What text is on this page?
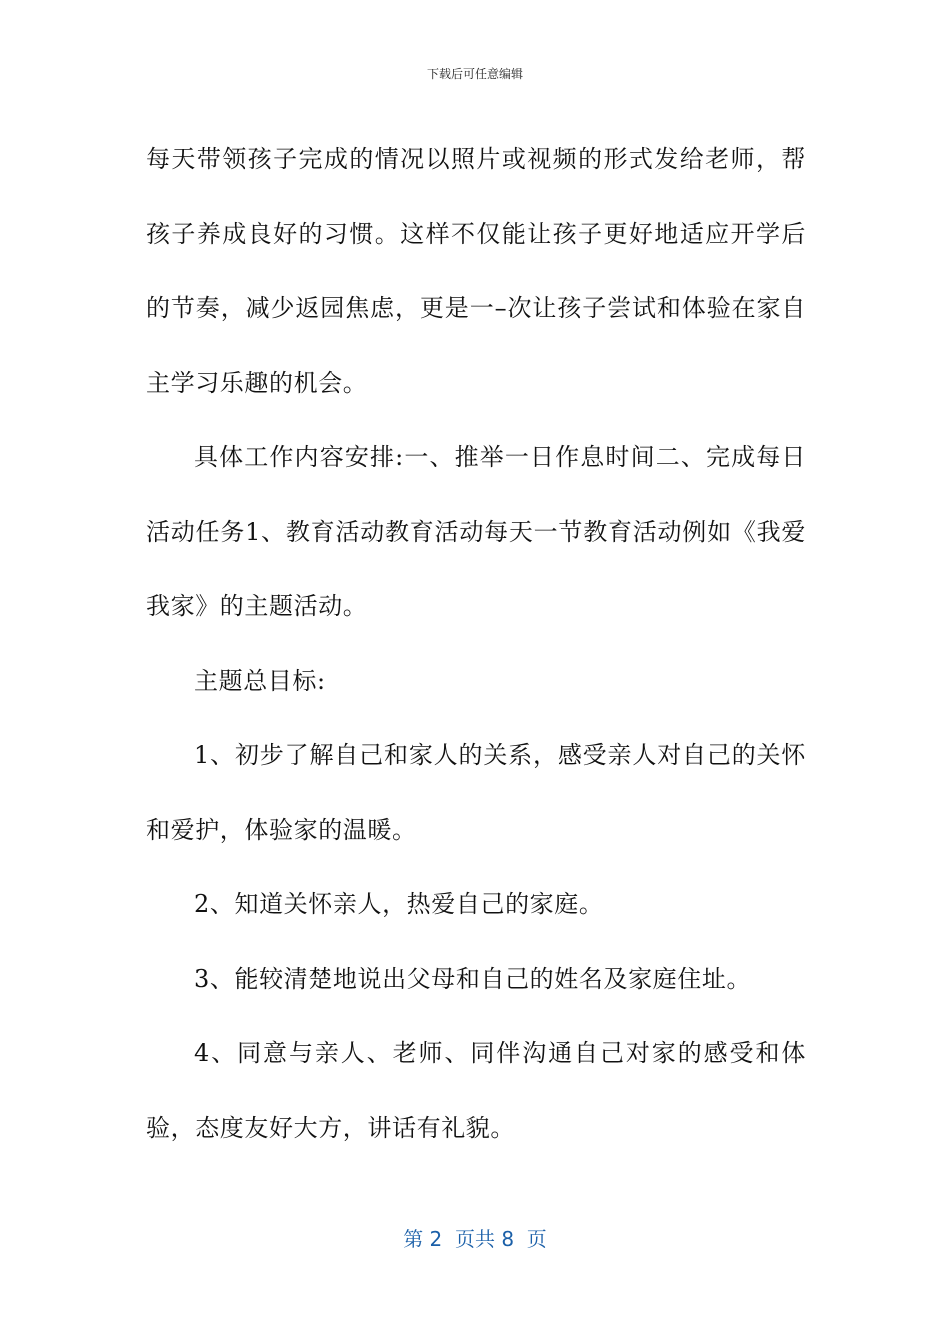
下载后可任意编辑

每天带领孩子完成的情况以照片或视频的形式发给老师，帮孩子养成良好的习惯。这样不仅能让孩子更好地适应开学后的节奏，减少返园焦虑，更是一–次让孩子尝试和体验在家自主学习乐趣的机会。

具体工作内容安排:一、推举一日作息时间二、完成每日活动任务1、教育活动教育活动每天一节教育活动例如《我爱我家》的主题活动。

主题总目标:

1、初步了解自己和家人的关系，感受亲人对自己的关怀和爱护，体验家的温暖。

2、知道关怀亲人，热爱自己的家庭。

3、能较清楚地说出父母和自己的姓名及家庭住址。

4、同意与亲人、老师、同伴沟通自己对家的感受和体验，态度友好大方，讲话有礼貌。

第 2  页共 8  页
